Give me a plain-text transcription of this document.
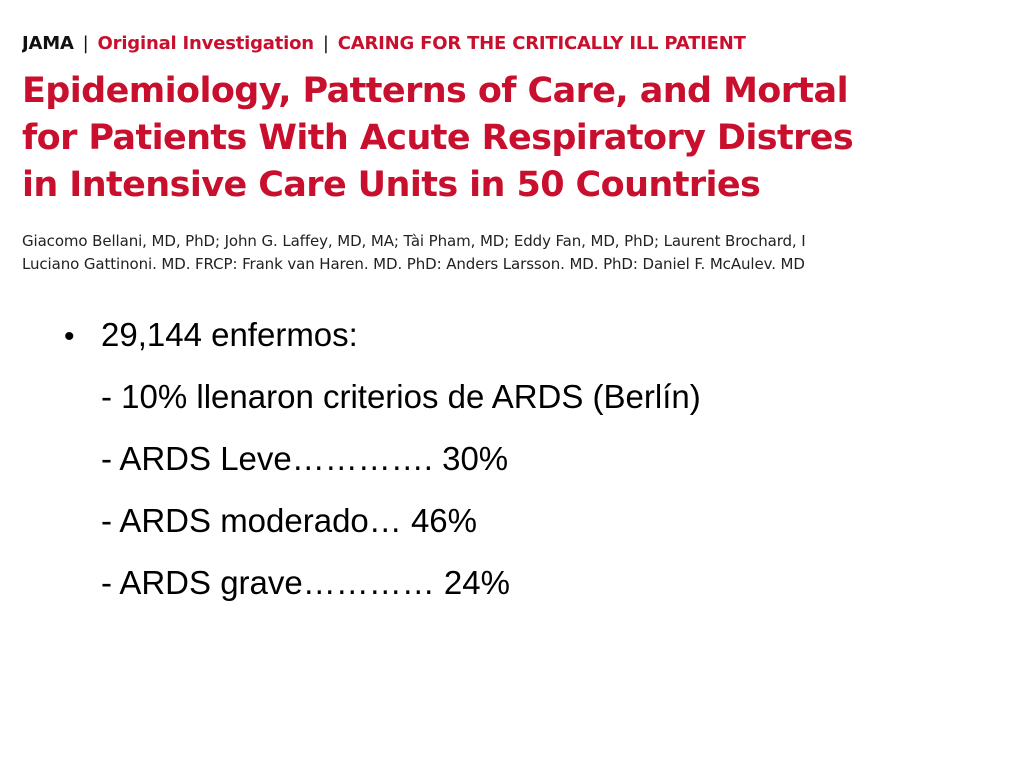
JAMA | Original Investigation | CARING FOR THE CRITICALLY ILL PATIENT
Epidemiology, Patterns of Care, and Mortal
for Patients With Acute Respiratory Distres
in Intensive Care Units in 50 Countries
Giacomo Bellani, MD, PhD; John G. Laffey, MD, MA; Tài Pham, MD; Eddy Fan, MD, PhD; Laurent Brochard, I
Luciano Gattinoni. MD. FRCP: Frank van Haren. MD. PhD: Anders Larsson. MD. PhD: Daniel F. McAulev. MD
• 29,144 enfermos:
- 10% llenaron criterios de ARDS (Berlín)
- ARDS Leve…………. 30%
- ARDS moderado… 46%
- ARDS grave………… 24%
